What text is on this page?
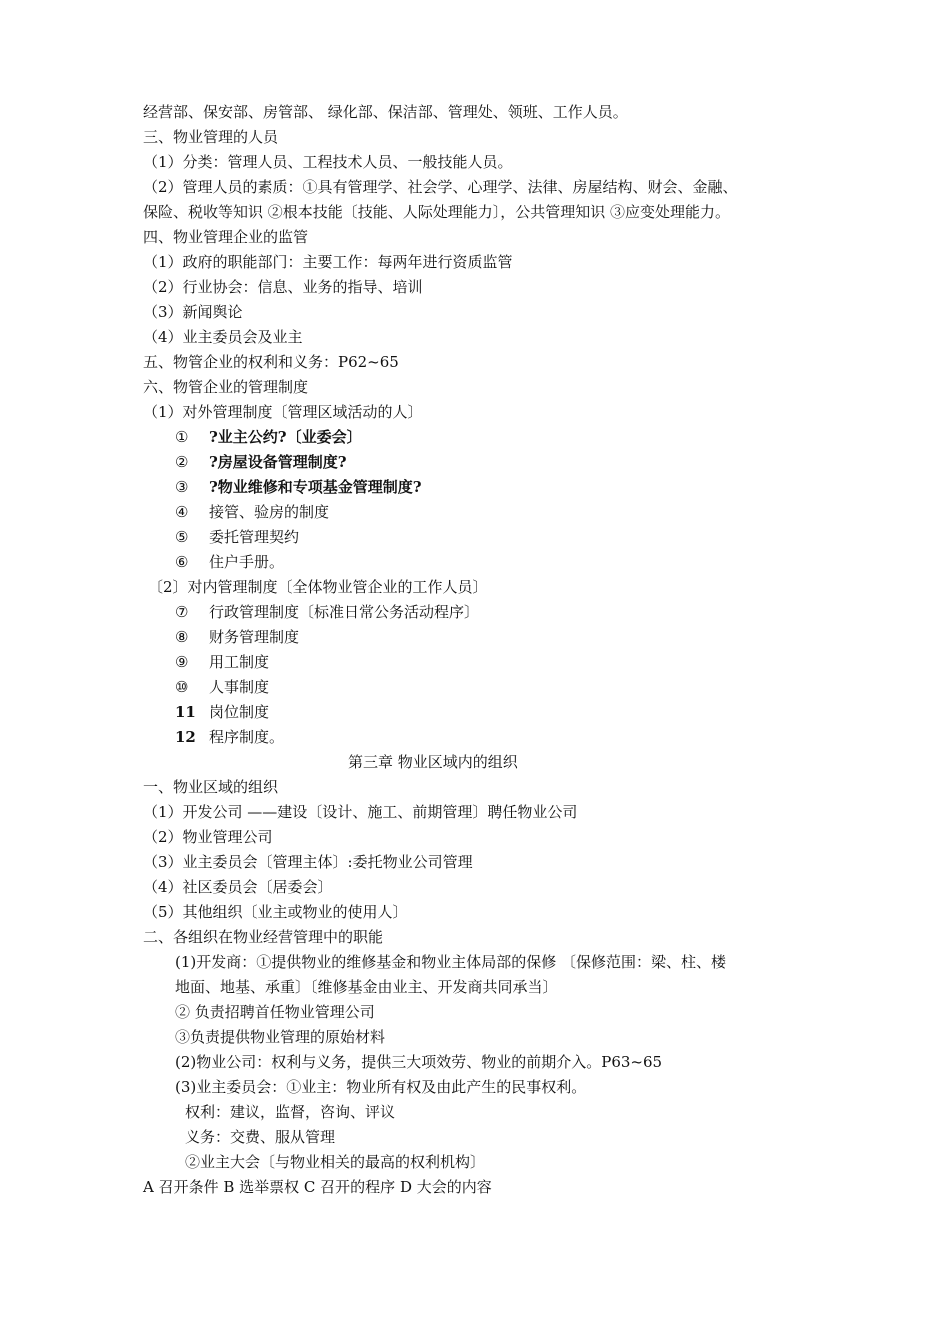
经营部、保安部、房管部、 绿化部、保洁部、管理处、领班、工作人员。
三、物业管理的人员
（1）分类：管理人员、工程技术人员、一般技能人员。
（2）管理人员的素质：①具有管理学、社会学、心理学、法律、房屋结构、财会、金融、
保险、税收等知识 ②根本技能〔技能、人际处理能力〕，公共管理知识 ③应变处理能力。
四、物业管理企业的监管
（1）政府的职能部门：主要工作：每两年进行资质监管
（2）行业协会：信息、业务的指导、培训
（3）新闻舆论
（4）业主委员会及业主
五、物管企业的权利和义务：P62~65
六、物管企业的管理制度
（1）对外管理制度〔管理区域活动的人〕
① ?业主公约?〔业委会〕
② ?房屋设备管理制度?
③ ?物业维修和专项基金管理制度?
④ 接管、验房的制度
⑤ 委托管理契约
⑥ 住户手册。
〔2〕对内管理制度〔全体物业管企业的工作人员〕
⑦ 行政管理制度〔标准日常公务活动程序〕
⑧ 财务管理制度
⑨ 用工制度
⑩ 人事制度
11 岗位制度
12 程序制度。
第三章 物业区域内的组织
一、物业区域的组织
（1）开发公司 ——建设〔设计、施工、前期管理〕聘任物业公司
（2）物业管理公司
（3）业主委员会〔管理主体〕:委托物业公司管理
（4）社区委员会〔居委会〕
（5）其他组织〔业主或物业的使用人〕
二、各组织在物业经营管理中的职能
(1)开发商：①提供物业的维修基金和物业主体局部的保修 〔保修范围：梁、柱、楼
地面、地基、承重〕〔维修基金由业主、开发商共同承当〕
② 负责招聘首任物业管理公司
③负责提供物业管理的原始材料
(2)物业公司：权利与义务，提供三大项效劳、物业的前期介入。P63~65
(3)业主委员会：①业主：物业所有权及由此产生的民事权利。
权利：建议，监督，咨询、评议
义务：交费、服从管理
②业主大会〔与物业相关的最高的权利机构〕
A 召开条件 B 选举票权 C 召开的程序 D 大会的内容
